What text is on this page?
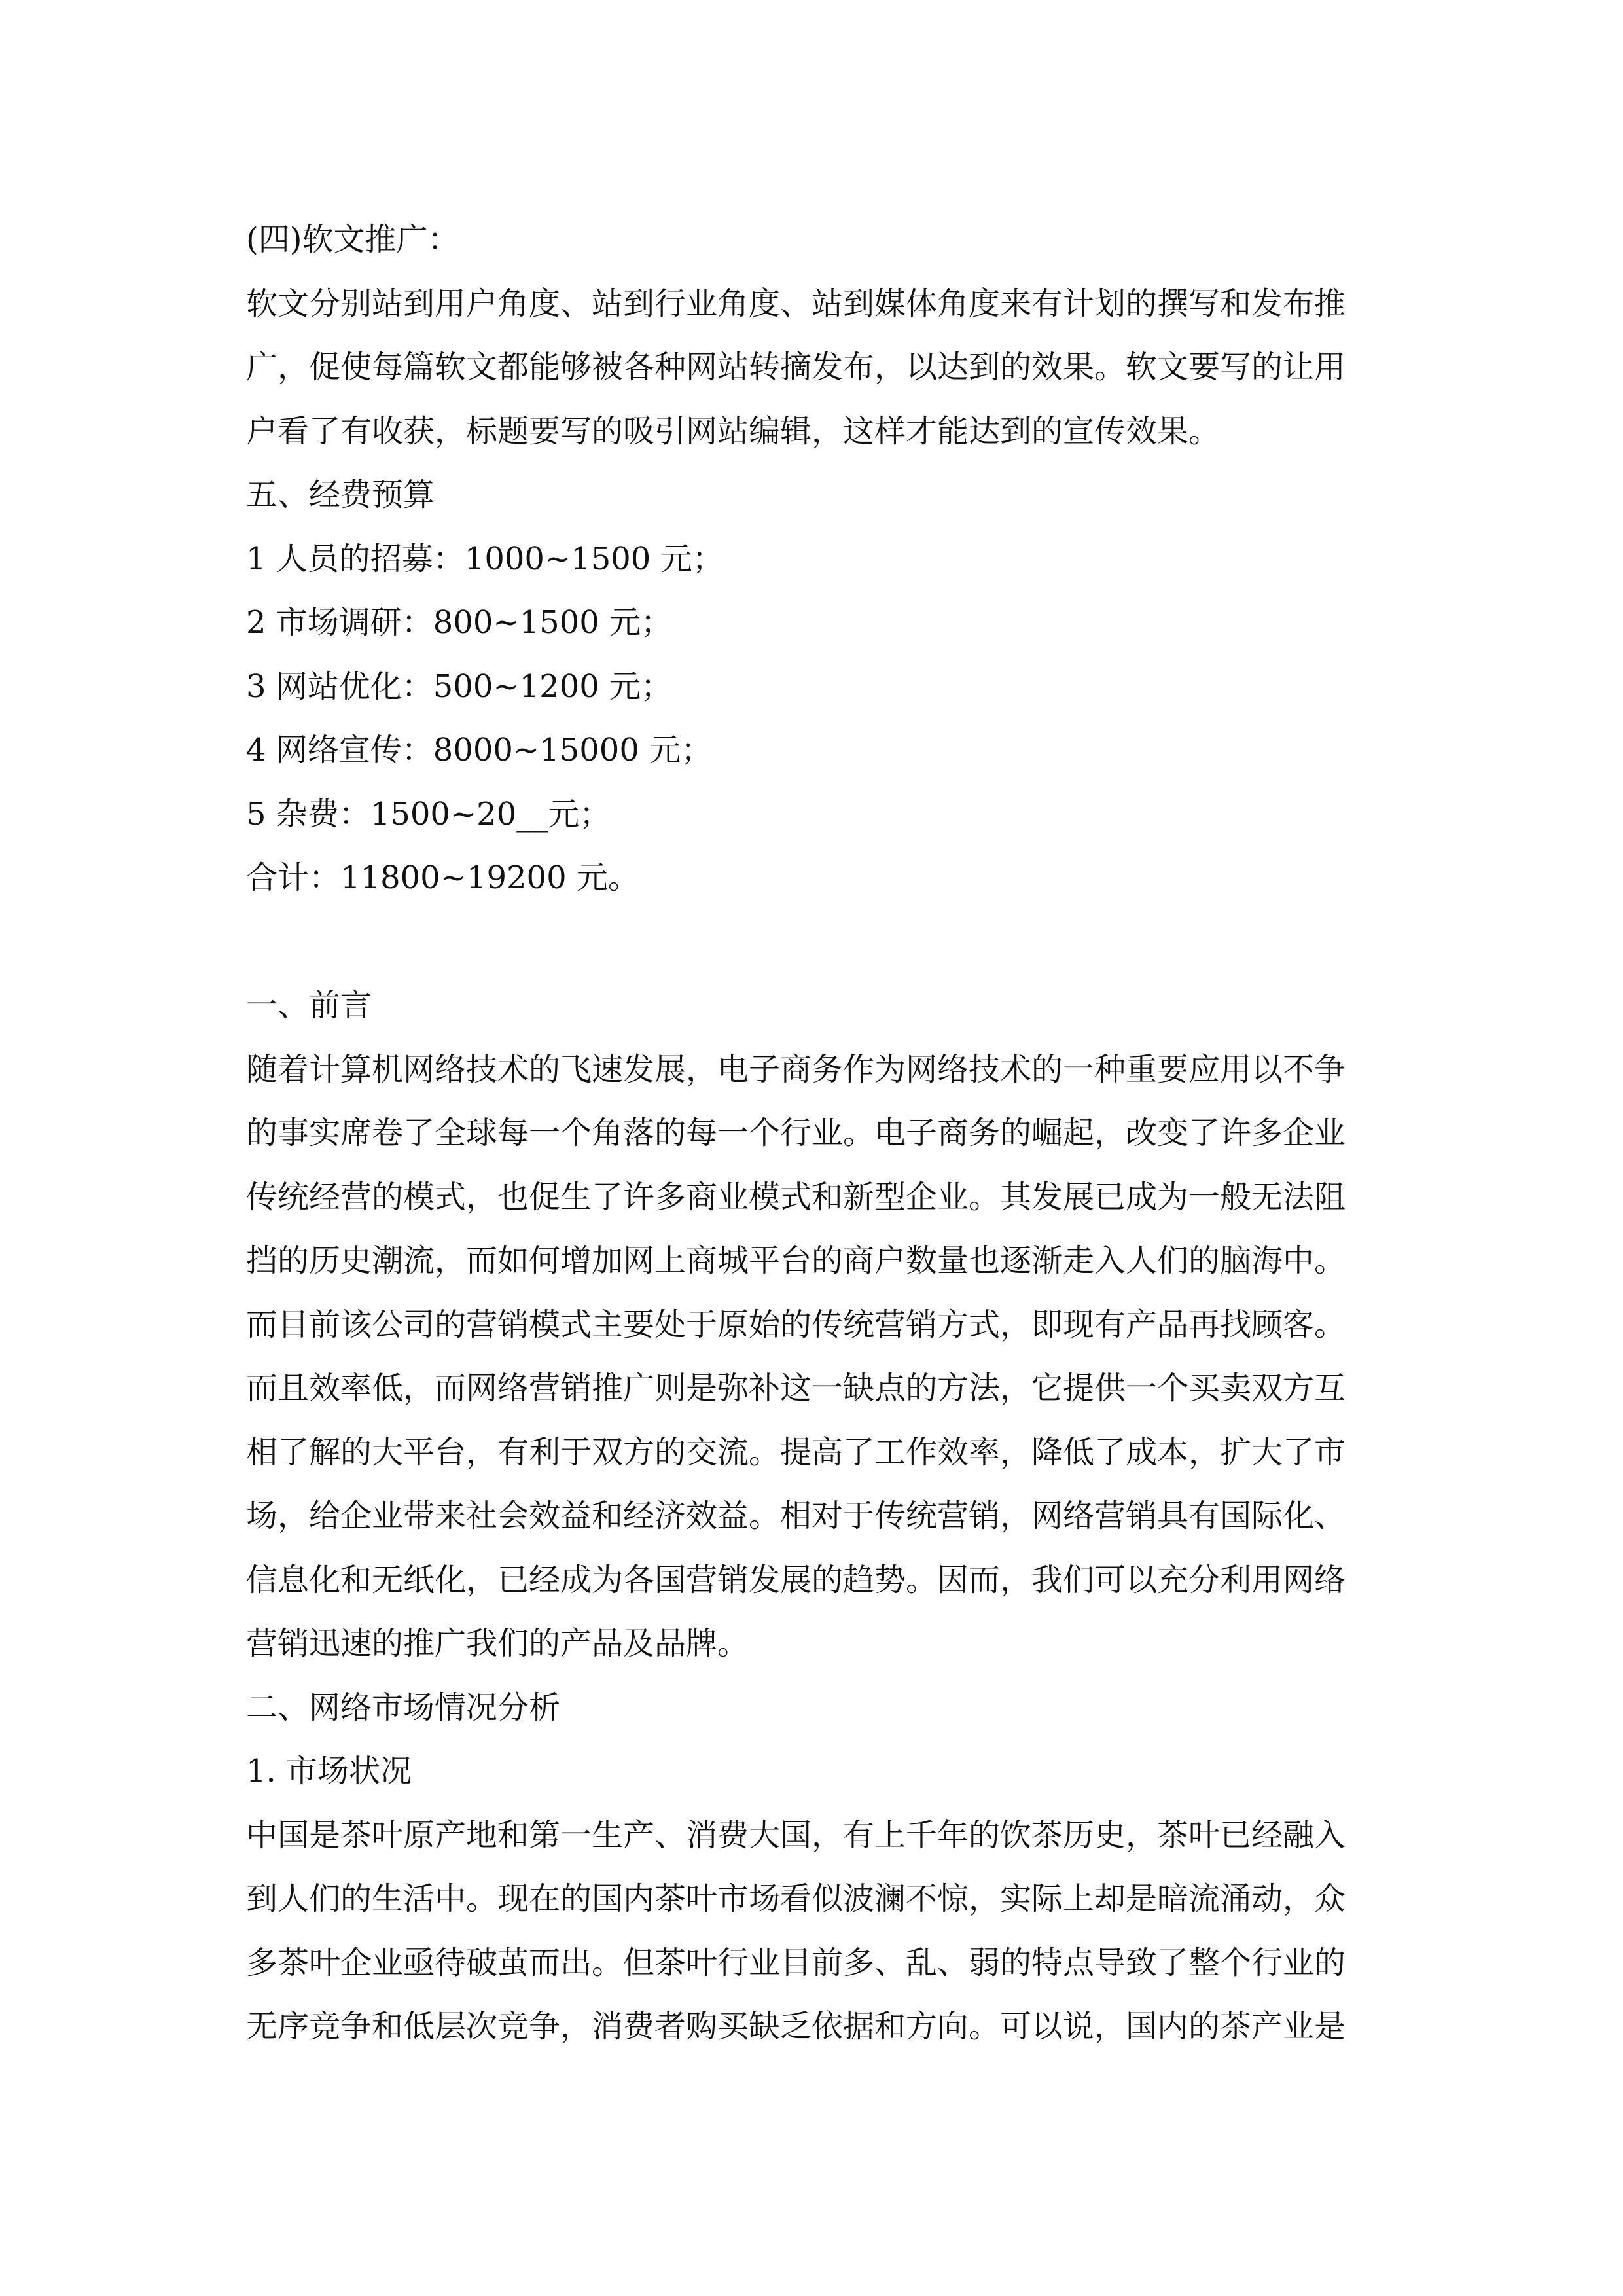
(四)软文推广：

软文分别站到用户角度、站到行业角度、站到媒体角度来有计划的撰写和发布推

广，促使每篇软文都能够被各种网站转摘发布，以达到的效果。软文要写的让用

户看了有收获，标题要写的吸引网站编辑，这样才能达到的宣传效果。

五、经费预算

1 人员的招募：1000~1500 元；

2 市场调研：800~1500 元；

3 网站优化：500~1200 元；

4 网络宣传：8000~15000 元；

5 杂费：1500~20__元；

合计：11800~19200 元。

一、前言

随着计算机网络技术的飞速发展，电子商务作为网络技术的一种重要应用以不争

的事实席卷了全球每一个角落的每一个行业。电子商务的崛起，改变了许多企业

传统经营的模式，也促生了许多商业模式和新型企业。其发展已成为一般无法阻

挡的历史潮流，而如何增加网上商城平台的商户数量也逐渐走入人们的脑海中。

而目前该公司的营销模式主要处于原始的传统营销方式，即现有产品再找顾客。

而且效率低，而网络营销推广则是弥补这一缺点的方法，它提供一个买卖双方互

相了解的大平台，有利于双方的交流。提高了工作效率，降低了成本，扩大了市

场，给企业带来社会效益和经济效益。相对于传统营销，网络营销具有国际化、

信息化和无纸化，已经成为各国营销发展的趋势。因而，我们可以充分利用网络

营销迅速的推广我们的产品及品牌。

二、网络市场情况分析

1. 市场状况

中国是茶叶原产地和第一生产、消费大国，有上千年的饮茶历史，茶叶已经融入

到人们的生活中。现在的国内茶叶市场看似波澜不惊，实际上却是暗流涌动，众

多茶叶企业亟待破茧而出。但茶叶行业目前多、乱、弱的特点导致了整个行业的

无序竞争和低层次竞争，消费者购买缺乏依据和方向。可以说，国内的茶产业是
